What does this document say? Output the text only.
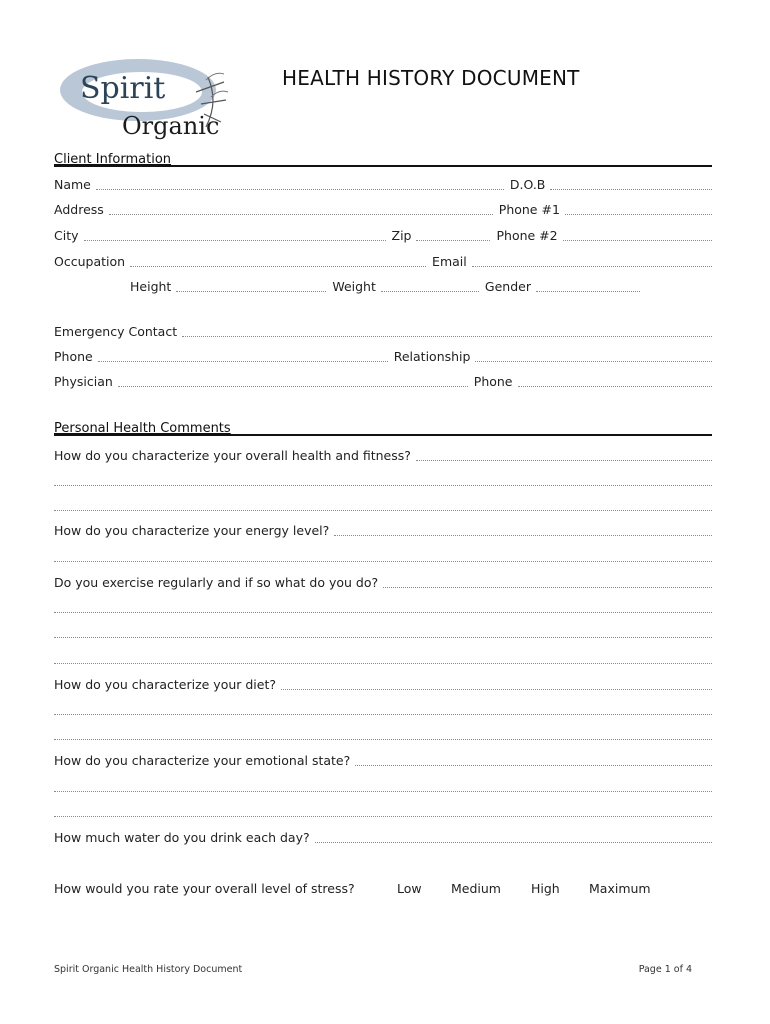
Spirit
Organic
HEALTH HISTORY DOCUMENT
Client Information
Name	D.O.B
Address	Phone #1
City	Zip	Phone #2
Occupation	Email
Height	Weight	Gender
Emergency Contact
Phone	Relationship
Physician	Phone
Personal Health Comments
How do you characterize your overall health and fitness?
How do you characterize your energy level?
Do you exercise regularly and if so what do you do?
How do you characterize your diet?
How do you characterize your emotional state?
How much water do you drink each day?
How would you rate your overall level of stress?	Low	Medium	High	Maximum
Spirit Organic Health History Document	Page 1 of 4
